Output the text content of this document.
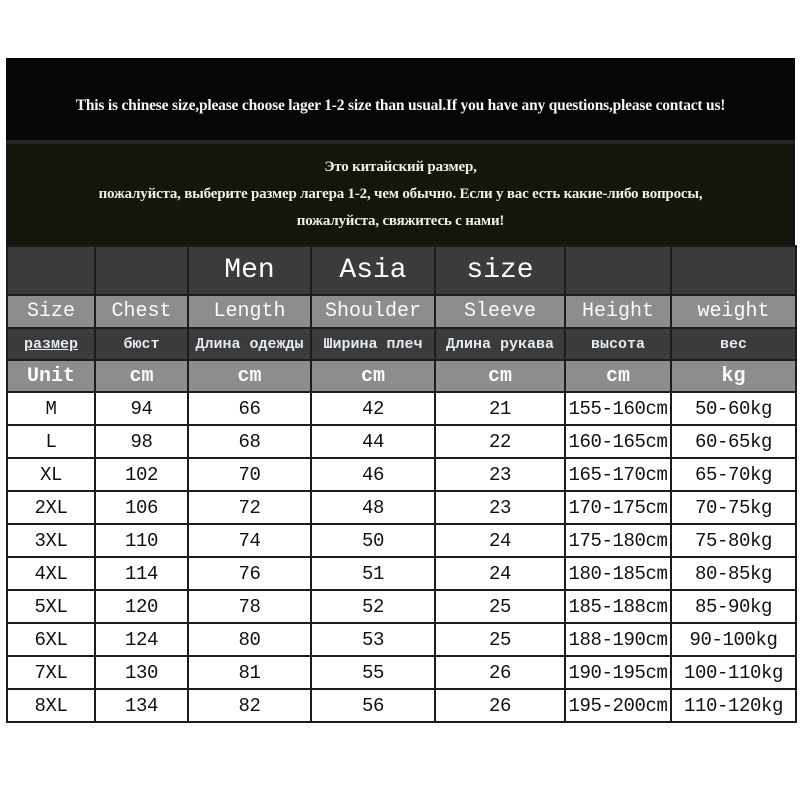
This is chinese size,please choose lager 1-2 size than usual.If you have any questions,please contact us!

Это китайский размер,

пожалуйста, выберите размер лагера 1-2, чем обычно. Если у вас есть какие-либо вопросы,

пожалуйста, свяжитесь с нами!

		Men	Asia	size		
Size	Chest	Length	Shoulder	Sleeve	Height	weight
размер	бюст	Длина одежды	Ширина плеч	Длина рукава	высота	вес
Unit	cm	cm	cm	cm	cm	kg
M	94	66	42	21	155-160cm	50-60kg
L	98	68	44	22	160-165cm	60-65kg
XL	102	70	46	23	165-170cm	65-70kg
2XL	106	72	48	23	170-175cm	70-75kg
3XL	110	74	50	24	175-180cm	75-80kg
4XL	114	76	51	24	180-185cm	80-85kg
5XL	120	78	52	25	185-188cm	85-90kg
6XL	124	80	53	25	188-190cm	90-100kg
7XL	130	81	55	26	190-195cm	100-110kg
8XL	134	82	56	26	195-200cm	110-120kg
